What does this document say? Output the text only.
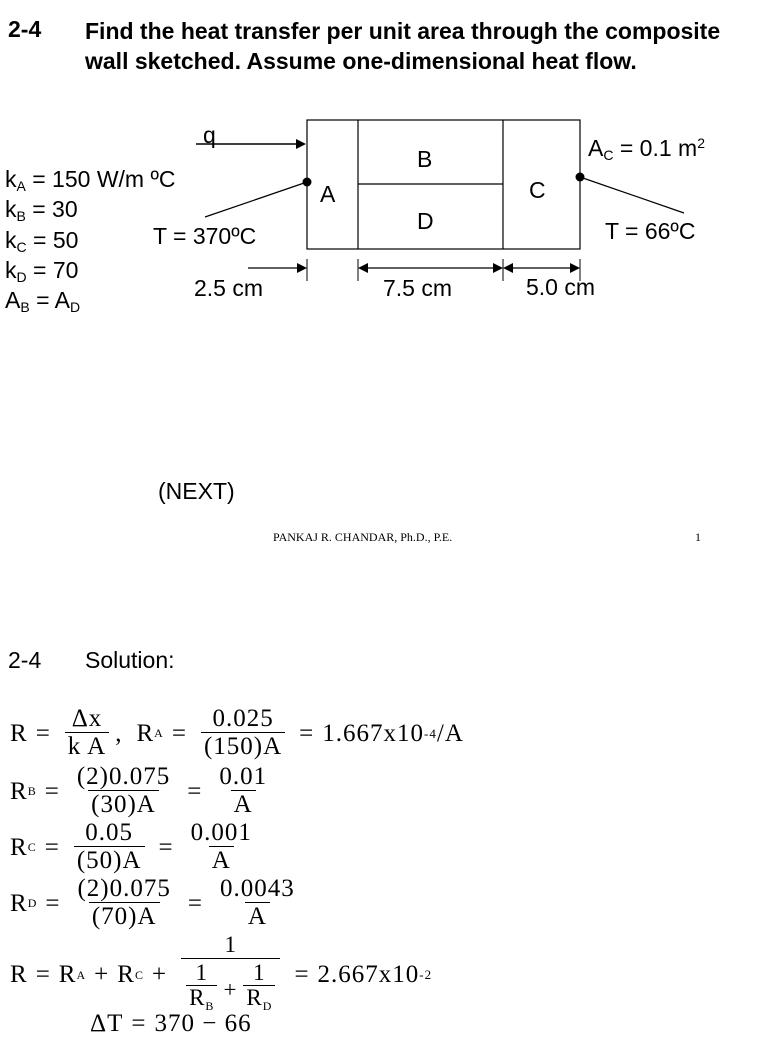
2-4 Find the heat transfer per unit area through the composite wall sketched. Assume one-dimensional heat flow.
$k_A = 150$ W/m ºC
$k_B = 30$
$k_C = 50$
$k_D = 70$
$A_B = A_D$
q
A
B
C
D
$A_C = 0.1$ $m^2$
T = 370ºC	T = 66ºC
2.5 cm	7.5 cm	5.0 cm
(NEXT)
PANKAJ R. CHANDAR, Ph.D., P.E.	1
2-4 Solution:
$R = \frac{\Delta x}{\text{k A}}$ , R $A = \frac{0.025}{(150)A} = 1.667x10$ -4 /A
R $B = \frac{(2)0.075}{(30)A} = \frac{0.01}{A}$
R $C = \frac{0.05}{(50)A} = \frac{0.001}{A}$
R $D = \frac{(2)0.075}{(70)A} = \frac{0.0043}{A}$
R = R A + R $C + \frac{1}{\frac{1}{R_B} + \frac{1}{R_D}} = 2.667x10$ -2
ΔT = 370 − 66
